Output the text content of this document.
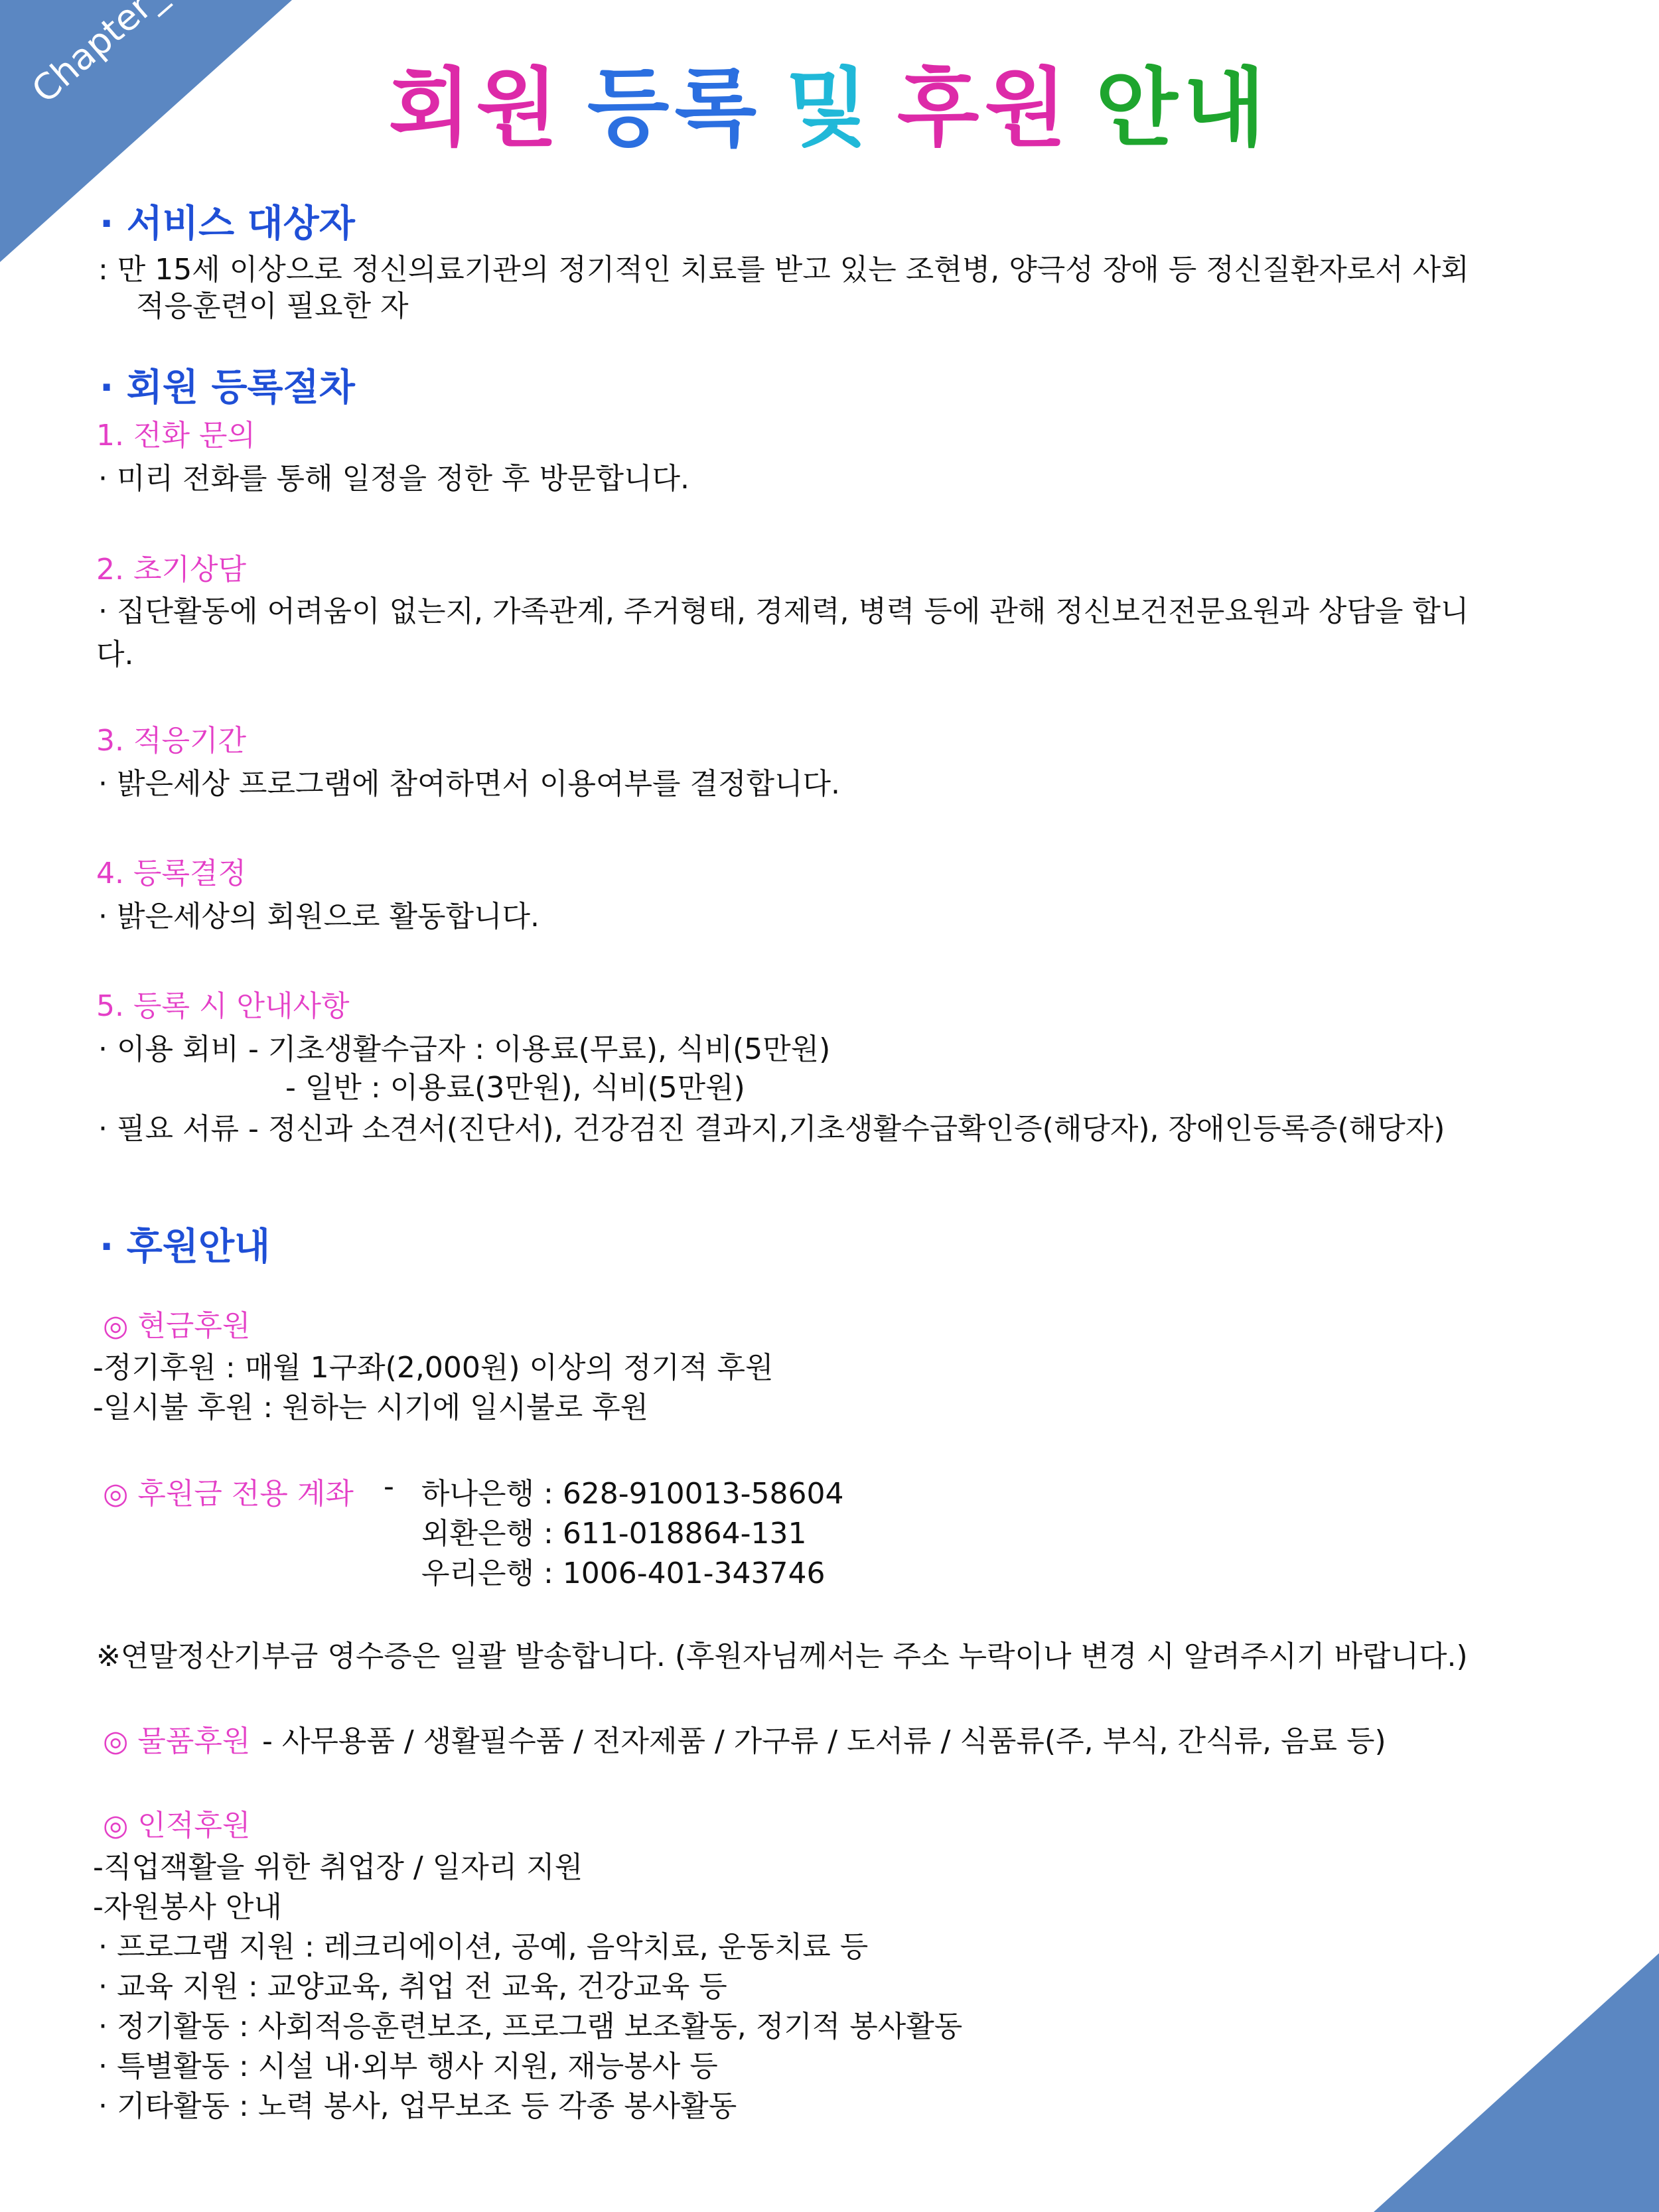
회원 등록 및 후원 안내
· 서비스 대상자
: 만 15세 이상으로 정신의료기관의 정기적인 치료를 받고 있는 조현병, 양극성 장애 등 정신질환자로서 사회
적응훈련이 필요한 자
· 회원 등록절차
1. 전화 문의
· 미리 전화를 통해 일정을 정한 후 방문합니다.
2. 초기상담
· 집단활동에 어려움이 없는지, 가족관계, 주거형태, 경제력, 병력 등에 관해 정신보건전문요원과 상담을 합니
다.
3. 적응기간
· 밝은세상 프로그램에 참여하면서 이용여부를 결정합니다.
4. 등록결정
· 밝은세상의 회원으로 활동합니다.
5. 등록 시 안내사항
· 이용 회비 - 기초생활수급자 : 이용료(무료), 식비(5만원)
- 일반 : 이용료(3만원), 식비(5만원)
· 필요 서류 - 정신과 소견서(진단서), 건강검진 결과지,기초생활수급확인증(해당자), 장애인등록증(해당자)
· 후원안내
◎ 현금후원
-정기후원 : 매월 1구좌(2,000원) 이상의 정기적 후원
-일시불 후원 : 원하는 시기에 일시불로 후원
◎ 후원금 전용 계좌 - 하나은행 : 628-910013-58604
외환은행 : 611-018864-131
우리은행 : 1006-401-343746
※연말정산기부금 영수증은 일괄 발송합니다. (후원자님께서는 주소 누락이나 변경 시 알려주시기 바랍니다.)
◎ 물품후원 - 사무용품 / 생활필수품 / 전자제품 / 가구류 / 도서류 / 식품류(주, 부식, 간식류, 음료 등)
◎ 인적후원
-직업잭활을 위한 취업장 / 일자리 지원
-자원봉사 안내
· 프로그램 지원 : 레크리에이션, 공예, 음악치료, 운동치료 등
· 교육 지원 : 교양교육, 취업 전 교육, 건강교육 등
· 정기활동 : 사회적응훈련보조, 프로그램 보조활동, 정기적 봉사활동
· 특별활동 : 시설 내·외부 행사 지원, 재능봉사 등
· 기타활동 : 노력 봉사, 업무보조 등 각종 봉사활동
